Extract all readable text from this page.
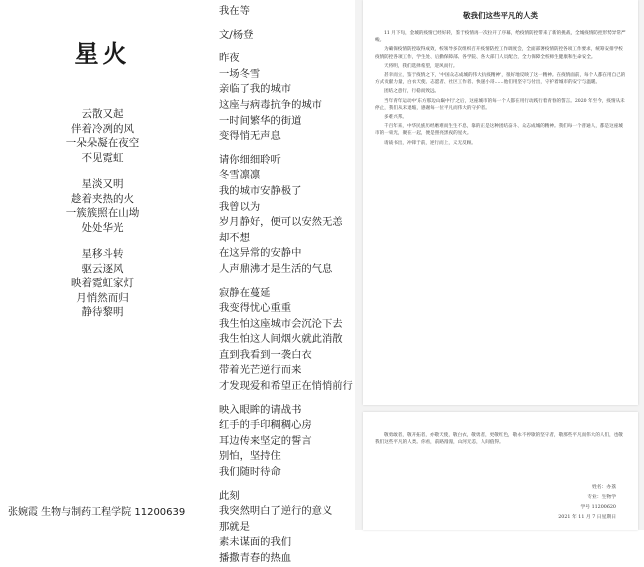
星火
云散又起
伴着冷冽的风
一朵朵凝在夜空
不见霓虹
星淡又明
趁着夹热的火
一簇簇照在山坳
处处华光
星移斗转
驱云逐风
映着霓虹家灯
月悄然而归
静待黎明
张婉霞 生物与制药工程学院 11200639
我在等
文/杨登
昨夜
一场冬雪
亲临了我的城市
这座与病毒抗争的城市
一时间繁华的街道
变得悄无声息
请你细细聆听
冬雪凛凛
我的城市安静极了
我曾以为
岁月静好，便可以安然无恙
却不想
在这异常的安静中
人声鼎沸才是生活的气息
寂静在蔓延
我变得忧心重重
我生怕这座城市会沉沦下去
我生怕这人间烟火就此消散
直到我看到一袭白衣
带着光芒逆行而来
才发现爱和希望正在悄悄前行
映入眼眸的请战书
红手的手印稠稠心房
耳边传来坚定的誓言
别怕，坚持住
我们随时待命
此刻
我突然明白了逆行的意义
那就是
素未谋面的我们
播撒青春的热血
敬我们这些平凡的人类

11 月下旬，金城的疫情已经好转，鉴于疫情再一次拉开了序幕，给疫情防控带来了新的挑战，全城疫情防控形势异常严峻。

为确保疫情防控取得成效，校领导多次组织召开疫情防控工作调度会，全面部署疫情防控各项工作要求，统筹安排学校疫情防控各项工作，学生处、后勤保障部、各学院、各大部门人员配合，全力保障全校师生健康和生命安全。

天将明，我们选择希望，迎风而行。

甚幸而立，鉴于疫情之下，'中国众志成城的伟大抗疫精神'，很好地反映了这一精神。在疫情面前，每个人都在用自己的方式贡献力量，白衣天使、志愿者、社区工作者、快递小哥……他们用坚守与付出，守护着城市的安宁与温暖。

团结之意行，行稳而致远。

当年青年运动中'东方那边山巅中行'之后，这座城市的每一个人都在用行动践行着青春的誓言。2020 年至今，疫情从未停止，我们从未退缩，感谢每一位平凡而伟大的守护者。

多难兴邦。

千百年来，中华民族历经磨难而生生不息，靠的正是这种团结奋斗、众志成城的精神。我们每一个普通人，都是这座城市的一束光，聚在一起，便是照亮黑夜的星火。

请战书出，冲锋于前，逆行而上，义无反顾。

敬勇敢者，敬开拓者，亦敬天使，敬白衣，敬勇者，更敬红色，敬永不停歇的坚守者，敬那些平凡而伟大的人们，也敬我们这些平凡的人类。你看，前路漫漫，山河无恙，人间值得。
姓名：办荔
专业：生物学
学号 11200620
2021 年 11 月 7 日星期日
